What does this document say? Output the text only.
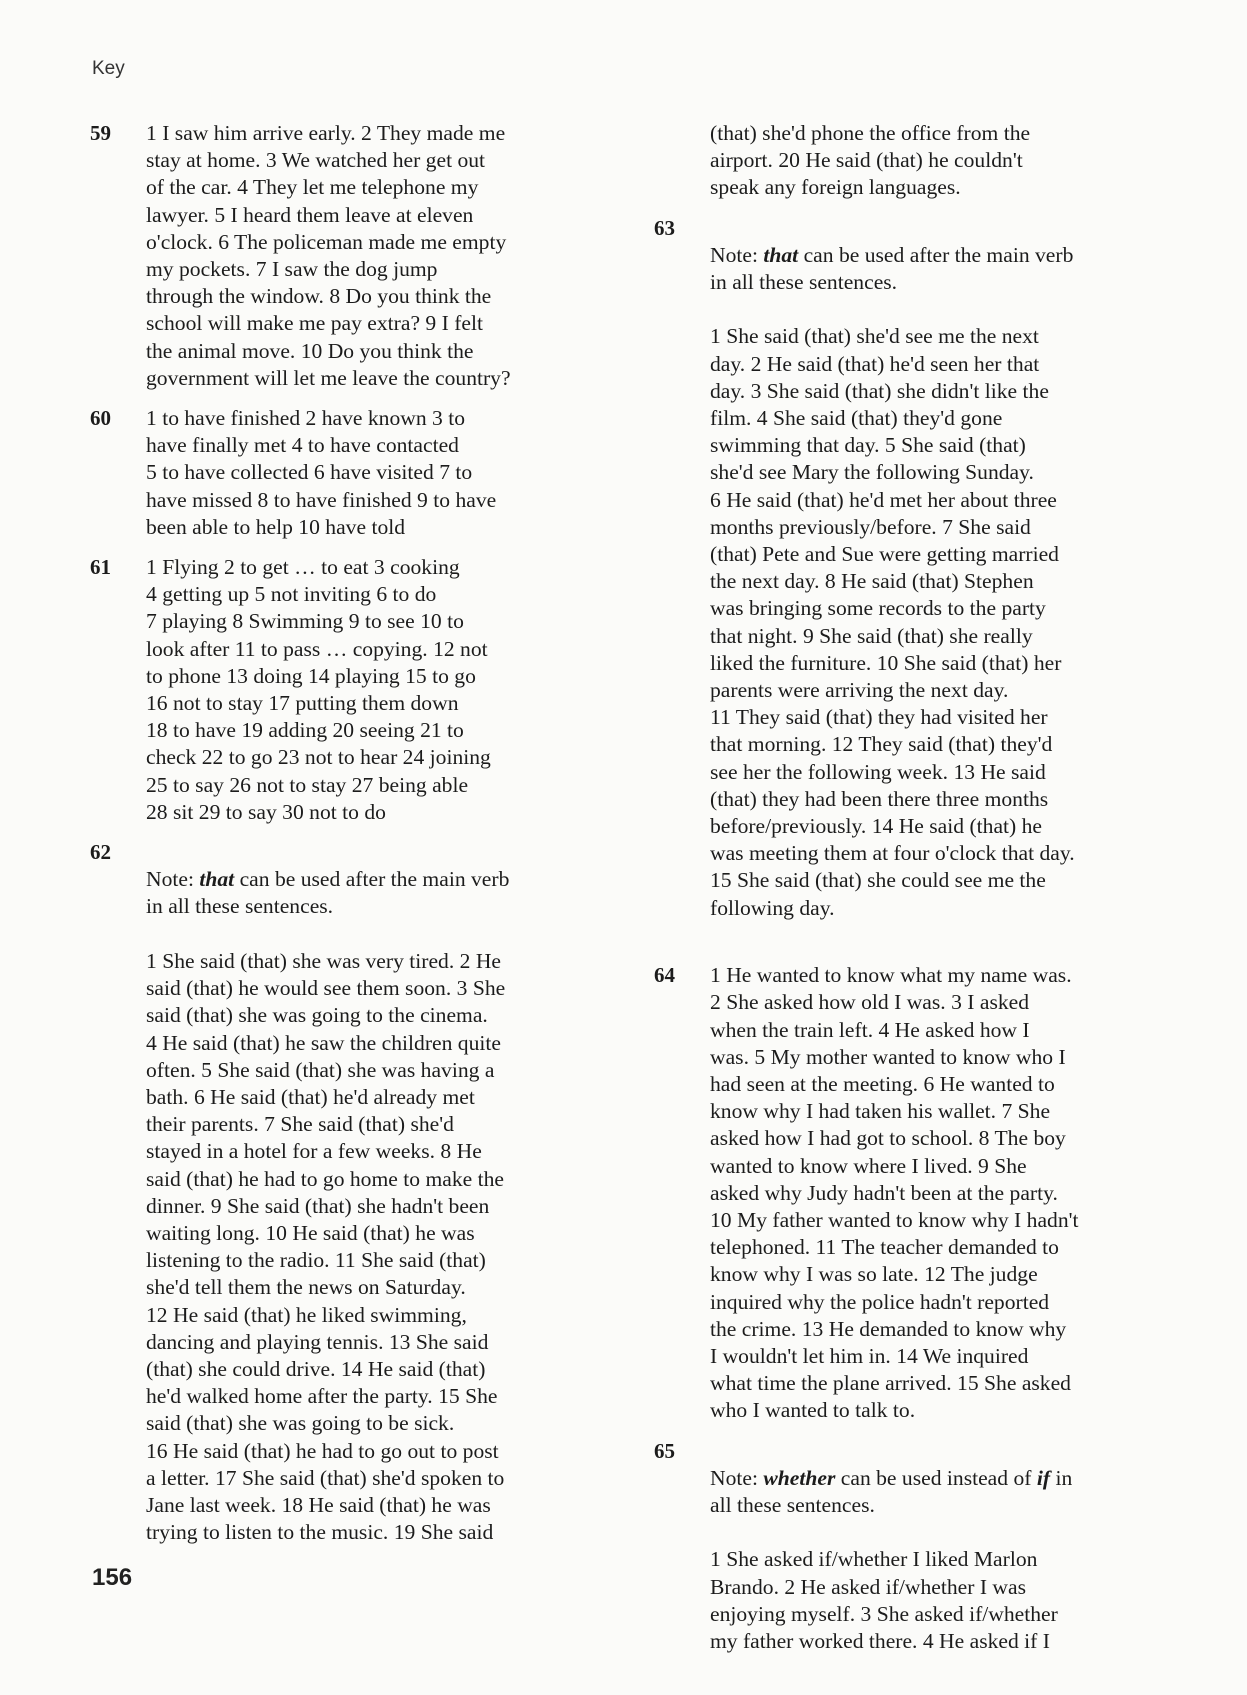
Key
59	1 I saw him arrive early. 2 They made me
stay at home. 3 We watched her get out
of the car. 4 They let me telephone my
lawyer. 5 I heard them leave at eleven
o'clock. 6 The policeman made me empty
my pockets. 7 I saw the dog jump
through the window. 8 Do you think the
school will make me pay extra? 9 I felt
the animal move. 10 Do you think the
government will let me leave the country?
60	1 to have finished 2 have known 3 to
have finally met 4 to have contacted
5 to have collected 6 have visited 7 to
have missed 8 to have finished 9 to have
been able to help 10 have told
61	1 Flying 2 to get … to eat 3 cooking
4 getting up 5 not inviting 6 to do
7 playing 8 Swimming 9 to see 10 to
look after 11 to pass … copying. 12 not
to phone 13 doing 14 playing 15 to go
16 not to stay 17 putting them down
18 to have 19 adding 20 seeing 21 to
check 22 to go 23 not to hear 24 joining
25 to say 26 not to stay 27 being able
28 sit 29 to say 30 not to do
62

Note: that can be used after the main verb
in all these sentences.

1 She said (that) she was very tired. 2 He
said (that) he would see them soon. 3 She
said (that) she was going to the cinema.
4 He said (that) he saw the children quite
often. 5 She said (that) she was having a
bath. 6 He said (that) he'd already met
their parents. 7 She said (that) she'd
stayed in a hotel for a few weeks. 8 He
said (that) he had to go home to make the
dinner. 9 She said (that) she hadn't been
waiting long. 10 He said (that) he was
listening to the radio. 11 She said (that)
she'd tell them the news on Saturday.
12 He said (that) he liked swimming,
dancing and playing tennis. 13 She said
(that) she could drive. 14 He said (that)
he'd walked home after the party. 15 She
said (that) she was going to be sick.
16 He said (that) he had to go out to post
a letter. 17 She said (that) she'd spoken to
Jane last week. 18 He said (that) he was
trying to listen to the music. 19 She said

(that) she'd phone the office from the
airport. 20 He said (that) he couldn't
speak any foreign languages.
63

Note: that can be used after the main verb
in all these sentences.

1 She said (that) she'd see me the next
day. 2 He said (that) he'd seen her that
day. 3 She said (that) she didn't like the
film. 4 She said (that) they'd gone
swimming that day. 5 She said (that)
she'd see Mary the following Sunday.
6 He said (that) he'd met her about three
months previously/before. 7 She said
(that) Pete and Sue were getting married
the next day. 8 He said (that) Stephen
was bringing some records to the party
that night. 9 She said (that) she really
liked the furniture. 10 She said (that) her
parents were arriving the next day.
11 They said (that) they had visited her
that morning. 12 They said (that) they'd
see her the following week. 13 He said
(that) they had been there three months
before/previously. 14 He said (that) he
was meeting them at four o'clock that day.
15 She said (that) she could see me the
following day.

64	1 He wanted to know what my name was.
2 She asked how old I was. 3 I asked
when the train left. 4 He asked how I
was. 5 My mother wanted to know who I
had seen at the meeting. 6 He wanted to
know why I had taken his wallet. 7 She
asked how I had got to school. 8 The boy
wanted to know where I lived. 9 She
asked why Judy hadn't been at the party.
10 My father wanted to know why I hadn't
telephoned. 11 The teacher demanded to
know why I was so late. 12 The judge
inquired why the police hadn't reported
the crime. 13 He demanded to know why
I wouldn't let him in. 14 We inquired
what time the plane arrived. 15 She asked
who I wanted to talk to.
65

Note: whether can be used instead of if in
all these sentences.

1 She asked if/whether I liked Marlon
Brando. 2 He asked if/whether I was
enjoying myself. 3 She asked if/whether
my father worked there. 4 He asked if I

156
